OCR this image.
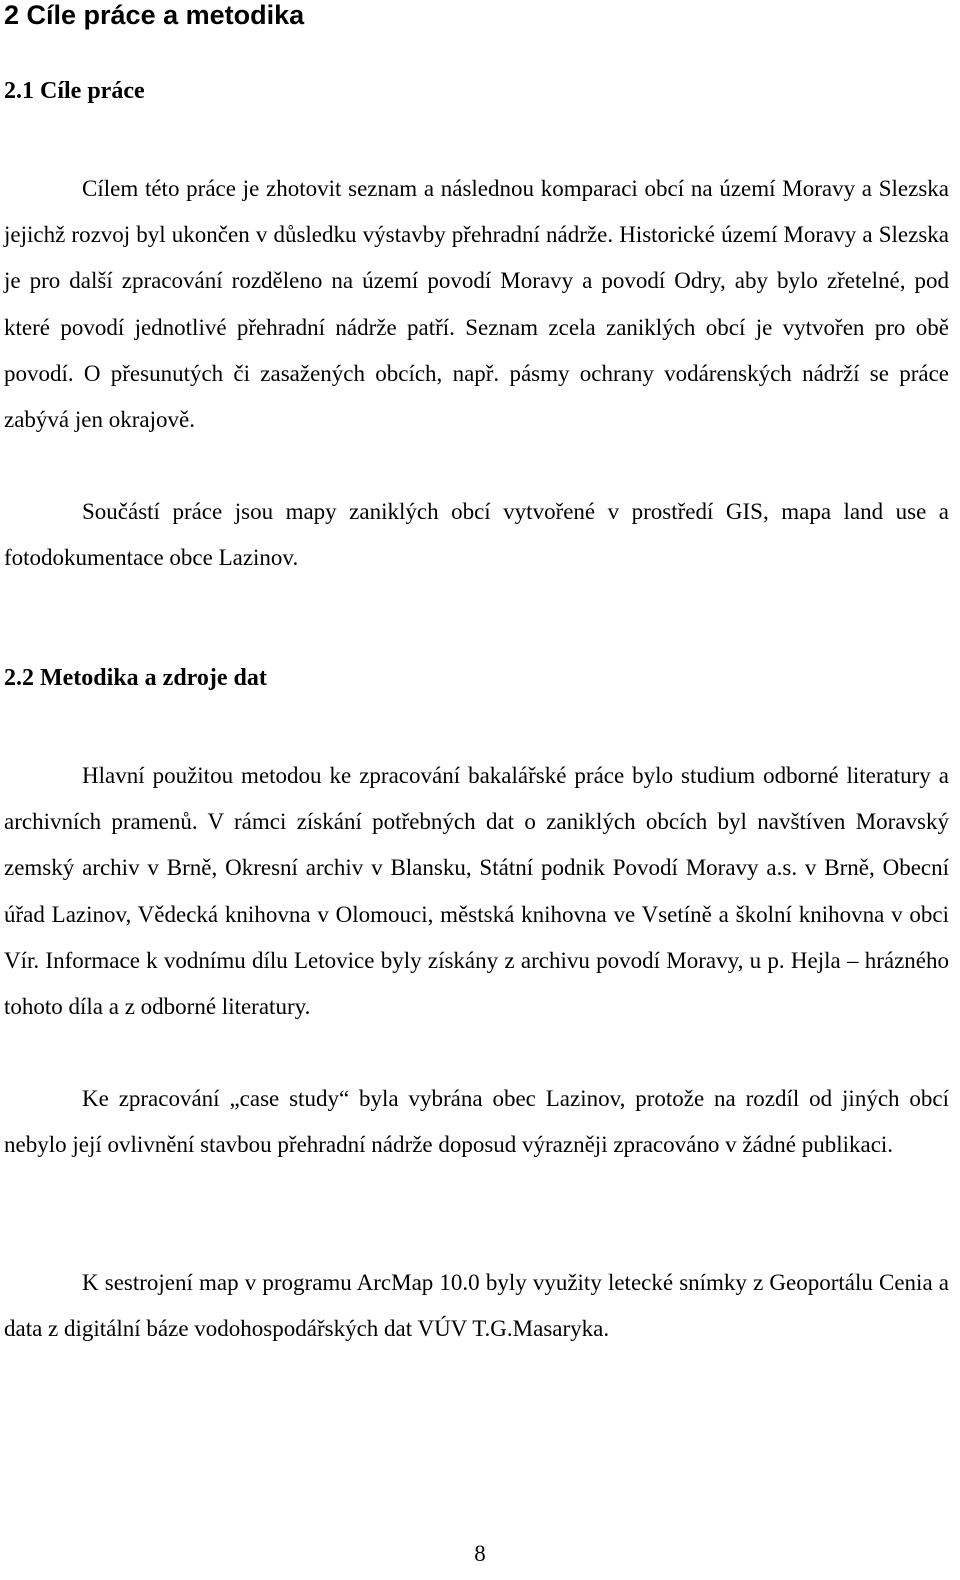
2 Cíle práce a metodika
2.1 Cíle práce

Cílem této práce je zhotovit seznam a následnou komparaci obcí na území Moravy a Slezska jejichž rozvoj byl ukončen v důsledku výstavby přehradní nádrže. Historické území Moravy a Slezska je pro další zpracování rozděleno na území povodí Moravy a povodí Odry, aby bylo zřetelné, pod které povodí jednotlivé přehradní nádrže patří. Seznam zcela zaniklých obcí je vytvořen pro obě povodí. O přesunutých či zasažených obcích, např. pásmy ochrany vodárenských nádrží se práce zabývá jen okrajově.

Součástí práce jsou mapy zaniklých obcí vytvořené v prostředí GIS, mapa land use a fotodokumentace obce Lazinov.

2.2 Metodika a zdroje dat

Hlavní použitou metodou ke zpracování bakalářské práce bylo studium odborné literatury a archivních pramenů. V rámci získání potřebných dat o zaniklých obcích byl navštíven Moravský zemský archiv v Brně, Okresní archiv v Blansku, Státní podnik Povodí Moravy a.s. v Brně, Obecní úřad Lazinov, Vědecká knihovna v Olomouci, městská knihovna ve Vsetíně a školní knihovna v obci Vír. Informace k vodnímu dílu Letovice byly získány z archivu povodí Moravy, u p. Hejla – hrázného tohoto díla a z odborné literatury.

Ke zpracování „case study“ byla vybrána obec Lazinov, protože na rozdíl od jiných obcí nebylo její ovlivnění stavbou přehradní nádrže doposud výrazněji zpracováno v žádné publikaci.

K sestrojení map v programu ArcMap 10.0 byly využity letecké snímky z Geoportálu Cenia a data z digitální báze vodohospodářských dat VÚV T.G.Masaryka.

8
